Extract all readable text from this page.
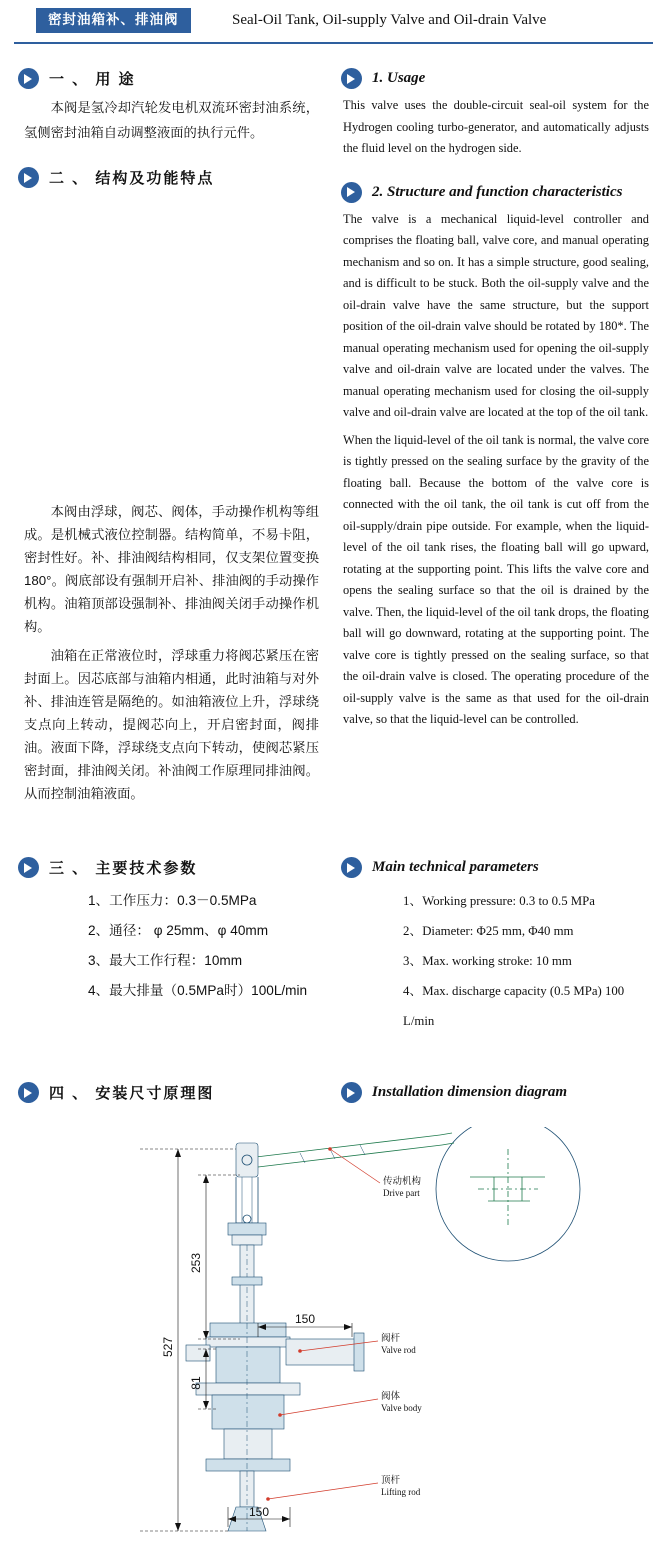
密封油箱补、排油阀	Seal-Oil Tank, Oil-supply Valve and Oil-drain Valve
一 、 用 途

本阀是氢冷却汽轮发电机双流环密封油系统，氢侧密封油箱自动调整液面的执行元件。

二 、 结构及功能特点

本阀由浮球，阀芯、阀体，手动操作机构等组成。是机械式液位控制器。结构简单，不易卡阻，密封性好。补、排油阀结构相同，仅支架位置变换180°。阀底部设有强制开启补、排油阀的手动操作机构。油箱顶部设强制补、排油阀关闭手动操作机构。

油箱在正常液位时，浮球重力将阀芯紧压在密封面上。因芯底部与油箱内相通，此时油箱与对外补、排油连管是隔绝的。如油箱液位上升，浮球绕支点向上转动，提阀芯向上，开启密封面，阀排油。液面下降，浮球绕支点向下转动，使阀芯紧压密封面，排油阀关闭。补油阀工作原理同排油阀。从而控制油箱液面。

1. Usage

This valve uses the double-circuit seal-oil system for the Hydrogen cooling turbo-generator, and automatically adjusts the fluid level on the hydrogen side.

2. Structure and function characteristics

The valve is a mechanical liquid-level controller and comprises the floating ball, valve core, and manual operating mechanism and so on. It has a simple structure, good sealing, and is difficult to be stuck. Both the oil-supply valve and the oil-drain valve have the same structure, but the support position of the oil-drain valve should be rotated by 180*. The manual operating mechanism used for opening the oil-supply valve and oil-drain valve are located under the valves. The manual operating mechanism used for closing the oil-supply valve and oil-drain valve are located at the top of the oil tank.

When the liquid-level of the oil tank is normal, the valve core is tightly pressed on the sealing surface by the gravity of the floating ball. Because the bottom of the valve core is connected with the oil tank, the oil tank is cut off from the oil-supply/drain pipe outside. For example, when the liquid-level of the oil tank rises, the floating ball will go upward, rotating at the supporting point. This lifts the valve core and opens the sealing surface so that the oil is drained by the valve. Then, the liquid-level of the oil tank drops, the floating ball will go downward, rotating at the supporting point. The valve core is tightly pressed on the sealing surface, so that the oil-drain valve is closed. The operating procedure of the oil-supply valve is the same as that used for the oil-drain valve, so that the liquid-level can be controlled.

三 、 主要技术参数
1、工作压力：0.3－0.5MPa
2、通径： φ 25mm、φ 40mm
3、最大工作行程：10mm
4、最大排量（0.5MPa时）100L/min
Main technical parameters
1、Working pressure: 0.3 to 0.5 MPa
2、Diameter: Φ25 mm, Φ40 mm
3、Max. working stroke: 10 mm
4、Max. discharge capacity (0.5 MPa) 100 L/min
四 、 安装尺寸原理图	Installation dimension diagram
527
253
81
150
150
传动机构
Drive part
阀杆
Valve rod
阀体
Valve body
顶杆
Lifting rod
